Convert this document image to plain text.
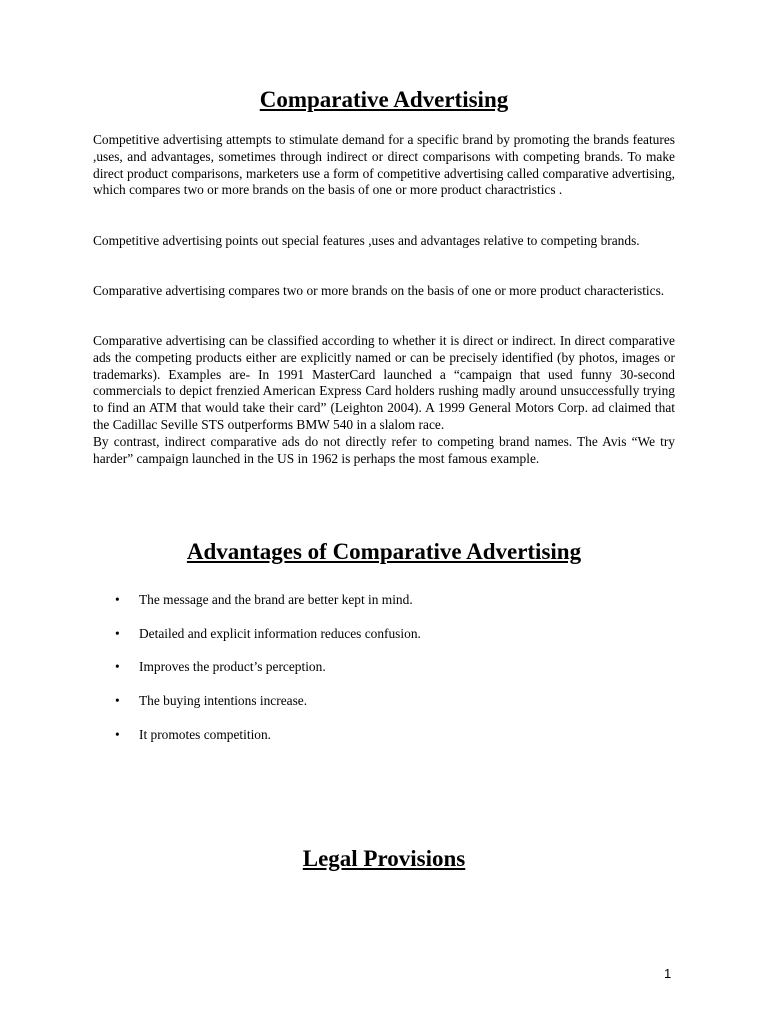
Comparative Advertising

Competitive advertising attempts to stimulate demand for a specific brand by promoting the brands features ,uses, and advantages, sometimes through indirect or direct comparisons with competing brands. To make direct product comparisons, marketers use a form of competitive advertising called comparative advertising, which compares two or more brands on the basis of one or more product charactristics .

Competitive advertising points out special features ,uses and advantages relative to competing brands.

Comparative advertising compares two or more brands on the basis of one or more product characteristics.

Comparative advertising can be classified according to whether it is direct or indirect. In direct comparative ads the competing products either are explicitly named or can be precisely identified (by photos, images or trademarks). Examples are- In 1991 MasterCard launched a “campaign that used funny 30-second commercials to depict frenzied American Express Card holders rushing madly around unsuccessfully trying to find an ATM that would take their card” (Leighton 2004). A 1999 General Motors Corp. ad claimed that the Cadillac Seville STS outperforms BMW 540 in a slalom race.
By contrast, indirect comparative ads do not directly refer to competing brand names. The Avis “We try harder” campaign launched in the US in 1962 is perhaps the most famous example.
Advantages of Comparative Advertising
• The message and the brand are better kept in mind.
• Detailed and explicit information reduces confusion.
• Improves the product’s perception.
• The buying intentions increase.
• It promotes competition.
Legal Provisions
1
